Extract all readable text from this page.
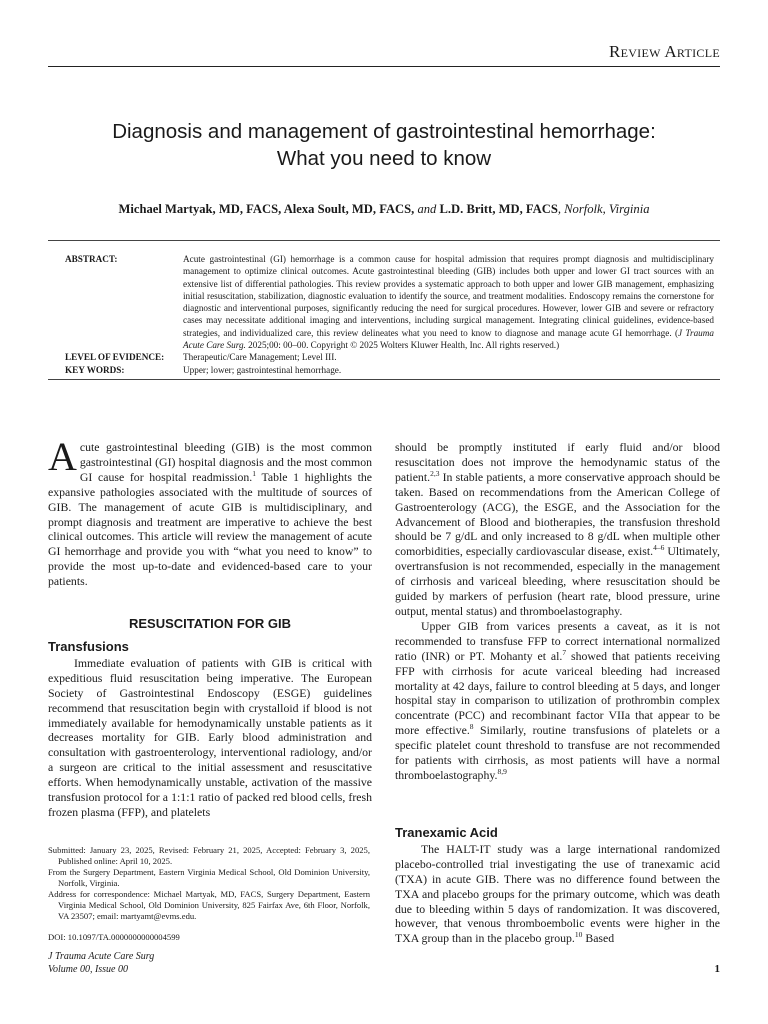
Review Article
Diagnosis and management of gastrointestinal hemorrhage:
What you need to know
Michael Martyak, MD, FACS, Alexa Soult, MD, FACS, and L.D. Britt, MD, FACS, Norfolk, Virginia
ABSTRACT:	Acute gastrointestinal (GI) hemorrhage is a common cause for hospital admission that requires prompt diagnosis and multidisciplinary management to optimize clinical outcomes. Acute gastrointestinal bleeding (GIB) includes both upper and lower GI tract sources with an extensive list of differential pathologies. This review provides a systematic approach to both upper and lower GIB management, emphasizing initial resuscitation, stabilization, diagnostic evaluation to identify the source, and treatment modalities. Endoscopy remains the cornerstone for diagnostic and interventional purposes, significantly reducing the need for surgical procedures. However, lower GIB and severe or refractory cases may necessitate additional imaging and interventions, including surgical management. Integrating clinical guidelines, evidence-based strategies, and individualized care, this review delineates what you need to know to diagnose and manage acute GI hemorrhage. (J Trauma Acute Care Surg. 2025;00: 00–00. Copyright © 2025 Wolters Kluwer Health, Inc. All rights reserved.)
LEVEL OF EVIDENCE:	Therapeutic/Care Management; Level III.
KEY WORDS:	Upper; lower; gastrointestinal hemorrhage.

Acute gastrointestinal bleeding (GIB) is the most common gastrointestinal (GI) hospital diagnosis and the most common GI cause for hospital readmission.$^1$ Table 1 highlights the expansive pathologies associated with the multitude of sources of GIB. The management of acute GIB is multidisciplinary, and prompt diagnosis and treatment are imperative to achieve the best clinical outcomes. This article will review the management of acute GI hemorrhage and provide you with “what you need to know” to provide the most up-to-date and evidenced-based care to your patients.

RESUSCITATION FOR GIB
Transfusions

Immediate evaluation of patients with GIB is critical with expeditious fluid resuscitation being imperative. The European Society of Gastrointestinal Endoscopy (ESGE) guidelines recommend that resuscitation begin with crystalloid if blood is not immediately available for hemodynamically unstable patients as it decreases mortality for GIB. Early blood administration and consultation with gastroenterology, interventional radiology, and/or a surgeon are critical to the initial assessment and resuscitative efforts. When hemodynamically unstable, activation of the massive transfusion protocol for a 1:1:1 ratio of packed red blood cells, fresh frozen plasma (FFP), and platelets

should be promptly instituted if early fluid and/or blood resuscitation does not improve the hemodynamic status of the patient.$^{2,3}$ In stable patients, a more conservative approach should be taken. Based on recommendations from the American College of Gastroenterology (ACG), the ESGE, and the Association for the Advancement of Blood and biotherapies, the transfusion threshold should be 7 g/dL and only increased to 8 g/dL when multiple other comorbidities, especially cardiovascular disease, exist.$^{4-6}$ Ultimately, overtransfusion is not recommended, especially in the management of cirrhosis and variceal bleeding, where resuscitation should be guided by markers of perfusion (heart rate, blood pressure, urine output, mental status) and thromboelastography.

Upper GIB from varices presents a caveat, as it is not recommended to transfuse FFP to correct international normalized ratio (INR) or PT. Mohanty et al.$^7$ showed that patients receiving FFP with cirrhosis for acute variceal bleeding had increased mortality at 42 days, failure to control bleeding at 5 days, and longer hospital stay in comparison to utilization of prothrombin complex concentrate (PCC) and recombinant factor VIIa that appear to be more effective.$^8$ Similarly, routine transfusions of platelets or a specific platelet count threshold to transfuse are not recommended for patients with cirrhosis, as most patients will have a normal thromboelastography.$^{8,9}$

Tranexamic Acid

The HALT-IT study was a large international randomized placebo-controlled trial investigating the use of tranexamic acid (TXA) in acute GIB. There was no difference found between the TXA and placebo groups for the primary outcome, which was death due to bleeding within 5 days of randomization. It was discovered, however, that venous thromboembolic events were higher in the TXA group than in the placebo group.$^{10}$ Based

Submitted: January 23, 2025, Revised: February 21, 2025, Accepted: February 3, 2025, Published online: April 10, 2025.
From the Surgery Department, Eastern Virginia Medical School, Old Dominion University, Norfolk, Virginia.
Address for correspondence: Michael Martyak, MD, FACS, Surgery Department, Eastern Virginia Medical School, Old Dominion University, 825 Fairfax Ave, 6th Floor, Norfolk, VA 23507; email: martyamt@evms.edu.
DOI: 10.1097/TA.0000000000004599
J Trauma Acute Care Surg
Volume 00, Issue 00	1
